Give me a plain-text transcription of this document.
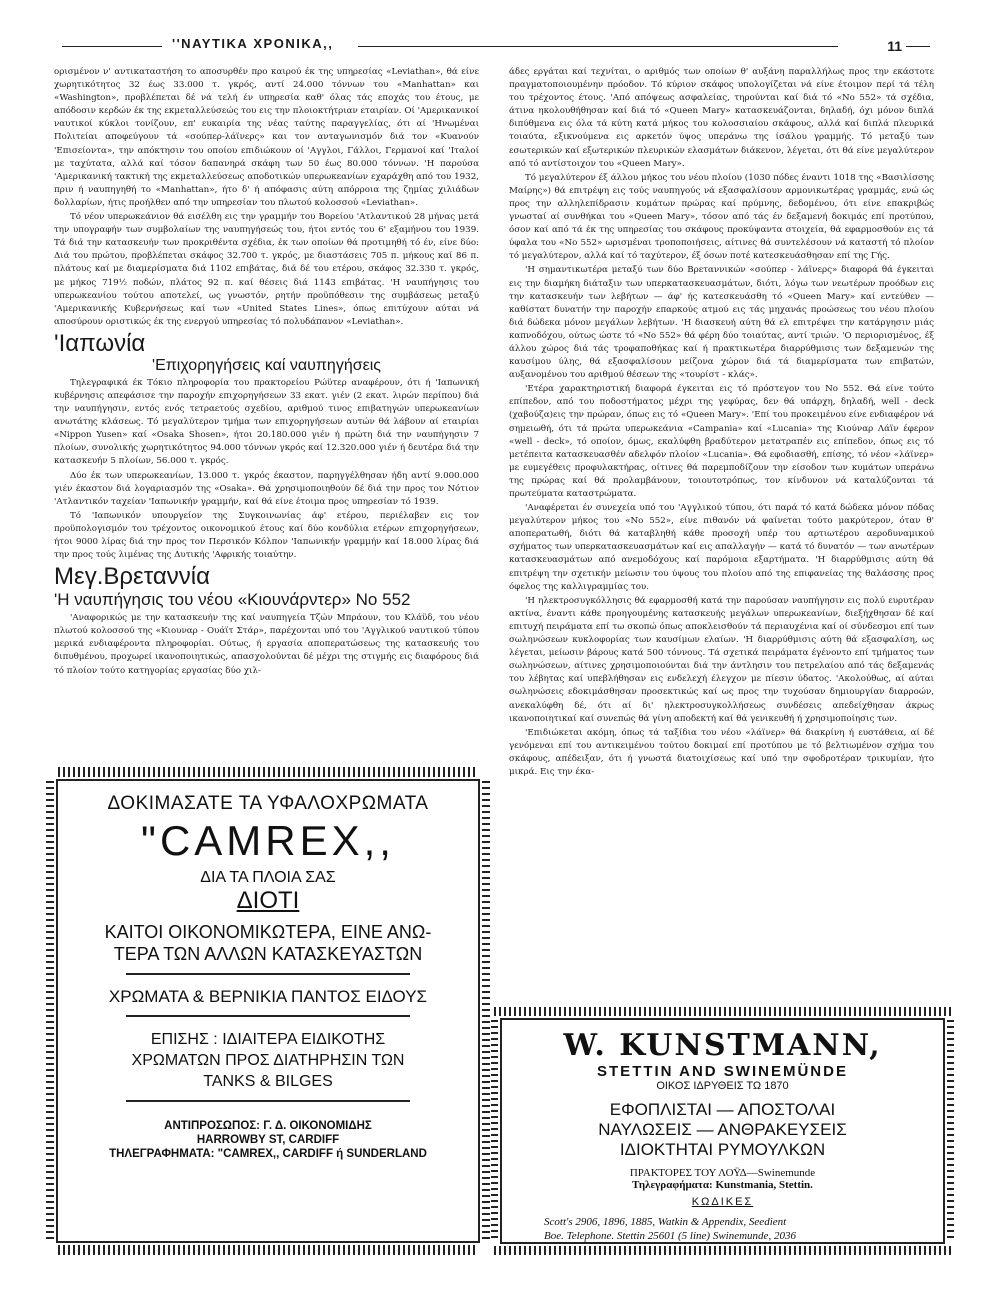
''ΝΑΥΤΙΚΑ ΧΡΟΝΙΚΑ,,	11

ορισμένον ν' αντικαταστήση το αποσυρθέν προ καιρού έκ της υπηρεσίας «Leviathan», θά είνε χωρητικότητος 32 έως 33.000 τ. γκρός, αντί 24.000 τόννων του «Manhattan» και «Washington», προβλέπεται δέ νά τελή έν υπηρεσία καθ' όλας τάς εποχάς του έτους, με απόδοσιν κερδών έκ της εκμεταλλεύσεώς του εις την πλοιοκτήτριαν εταιρίαν. Οί 'Αμερικανικοί ναυτικοί κύκλοι τονίζουν, επ' ευκαιρία της νέας ταύτης παραγγελίας, ότι αί 'Ηνωμέναι Πολιτείαι αποφεύγουν τά «σούπερ-λάϊνερς» και τον ανταγωνισμόν διά τον «Κυανούν 'Επισείοντα», την απόκτησιν του οποίου επιδιώκουν οί 'Αγγλοι, Γάλλοι, Γερμανοί καί 'Ιταλοί με ταχύτατα, αλλά καί τόσον δαπανηρά σκάφη των 50 έως 80.000 τόννων. 'Η παρούσα 'Αμερικανική τακτική της εκμεταλλεύσεως αποδοτικών υπερωκεανίων εχαράχθη από του 1932, πριν ή ναυπηγηθή το «Manhattan», ήτο δ' ή απόφασις αύτη απόρροια της ζημίας χιλιάδων δολλαρίων, ήτις προήλθεν από την υπηρεσίαν του πλωτού κολοσσού «Leviathan».

Τό νέον υπερωκεάνιον θά εισέλθη εις την γραμμήν του Βορείου 'Ατλαντικού 28 μήνας μετά την υπογραφήν των συμβολαίων της ναυπηγήσεώς του, ήτοι εντός του 6' εξαμήνου του 1939. Τά διά την κατασκευήν των προκριθέντα σχέδια, έκ των οποίων θά προτιμηθή τό έν, είνε δύο: Διά του πρώτου, προβλέπεται σκάφος 32.700 τ. γκρός, με διαστάσεις 705 π. μήκους καί 86 π. πλάτους καί με διαμερίσματα διά 1102 επιβάτας, διά δέ του ετέρου, σκάφος 32.330 τ. γκρός, με μήκος 719½ ποδών, πλάτος 92 π. καί θέσεις διά 1143 επιβάτας. 'Η ναυπήγησις του υπερωκεανίου τούτου αποτελεί, ως γνωστόν, ρητήν προϋπόθεσιν της συμβάσεως μεταξύ 'Αμερικανικής Κυβερνήσεως καί των «United States Lines», όπως επιτύχουν αύται νά αποσύρουν οριστικώς έκ της ενεργού υπηρεσίας τό πολυδάπανον «Leviathan».

'Ιαπωνία
'Επιχορηγήσεις καί ναυπηγήσεις

Τηλεγραφικά έκ Τόκιο πληροφορία του πρακτορείου Ρώϋτερ αναφέρουν, ότι ή 'Ιαπωνική κυβέρνησις απεφάσισε την παροχήν επιχορηγήσεων 33 εκατ. γιέν (2 εκατ. λιρών περίπου) διά την ναυπήγησιν, εντός ενός τετραετούς σχεδίου, αριθμού τινος επιβατηγών υπερωκεανίων ανωτάτης κλάσεως. Τό μεγαλύτερον τμήμα των επιχορηγήσεων αυτών θά λάβουν αί εταιρίαι «Nippon Yusen» καί «Osaka Shosen», ήτοι 20.180.000 γιέν ή πρώτη διά την ναυπήγησιν 7 πλοίων, συνολικής χωρητικότητος 94.000 τόννων γκρός καί 12.320.000 γιέν ή δευτέρα διά την κατασκευήν 5 πλοίων, 56.000 τ. γκρός.

Δύο έκ των υπερωκεανίων, 13.000 τ. γκρός έκαστον, παρηγγέλθησαν ήδη αντί 9.000.000 γιέν έκαστον διά λογαριασμόν της «Osaka». Θά χρησιμοποιηθούν δέ διά την προς τον Νότιον 'Ατλαντικόν ταχείαν 'Ιαπωνικήν γραμμήν, καί θά είνε έτοιμα προς υπηρεσίαν τό 1939.

Τό 'Ιαπωνικόν υπουργείον της Συγκοινωνίας άφ' ετέρου, περιέλαβεν εις τον προϋπολογισμόν του τρέχοντος οικονομικού έτους καί δύο κονδύλια ετέρων επιχορηγήσεων, ήτοι 9000 λίρας διά την προς τον Περσικόν Κόλπον 'Ιαπωνικήν γραμμήν καί 18.000 λίρας διά την προς τούς λιμένας της Δυτικής 'Αφρικής τοιαύτην.

Μεγ.Βρεταννία
'Η ναυπήγησις του νέου «Κιουνάρντερ» Νο 552

'Αναφορικώς με την κατασκευήν της καί ναυπηγεία Τζών Μπράουν, του Κλάϋδ, του νέου πλωτού κολοσσού της «Κιουναρ - Ουάϊτ Στάρ», παρέχονται υπό του 'Αγγλικού ναυτικού τύπου μερικά ενδιαφέροντα πληροφορίαι. Ούτως, ή εργασία αποπερατώσεως της κατασκευής του διπυθμένου, προχωρεί ικανοποιητικώς, απασχολούνται δέ μέχρι της στιγμής εις διαφόρους διά τό πλοίον τούτο κατηγορίας εργασίας δύο χιλ-

άδες εργάται καί τεχνίται, ο αριθμός των οποίων θ' αυξάνη παραλλήλως προς την εκάστοτε πραγματοποιουμένην πρόοδον. Τό κύριον σκάφος υπολογίζεται νά είνε έτοιμον περί τά τέλη του τρέχοντος έτους. 'Από απόψεως ασφαλείας, τηρούνται καί διά τό «Νο 552» τά σχέδια, άτινα ηκολουθήθησαν καί διά τό «Queen Mary» κατασκευάζονται, δηλαδή, όχι μόνον διπλά διπύθμενα εις όλα τά κύτη κατά μήκος του κολοσσιαίου σκάφους, αλλά καί διπλά πλευρικά τοιαύτα, εξικνούμενα εις αρκετόν ύψος υπεράνω της ίσάλου γραμμής. Τό μεταξύ των εσωτερικών καί εξωτερικών πλευρικών ελασμάτων διάκενον, λέγεται, ότι θά είνε μεγαλύτερον από τό αντίστοιχον του «Queen Mary».

Τό μεγαλύτερον έξ άλλου μήκος του νέου πλοίου (1030 πόδες έναντι 1018 της «Βασιλίσσης Μαίρης») θά επιτρέψη εις τούς ναυπηγούς νά εξασφαλίσουν αρμονικωτέρας γραμμάς, ενώ ώς προς την αλληλεπίδρασιν κυμάτων πρώρας καί πρύμνης, δεδομένου, ότι είνε επακριβώς γνωσταί αί συνθήκαι του «Queen Mary», τόσον από τάς έν δεξαμενή δοκιμάς επί προτύπου, όσον καί από τά έκ της υπηρεσίας του σκάφους προκύψαντα στοιχεία, θά εφαρμοσθούν εις τά ύφαλα του «Νο 552» ωρισμέναι τροποποιήσεις, αίτινες θά συντελέσουν νά καταστή τό πλοίον τό μεγαλύτερον, αλλά καί τό ταχύτερον, έξ όσων ποτέ κατεσκευάσθησαν επί της Γής.

'Η σημαντικωτέρα μεταξύ των δύο Βρεταννικών «σούπερ - λάϊνερς» διαφορά θά έγκειται εις την διαμήκη διάταξιν των υπερκατασκευασμάτων, διότι, λόγω των νεωτέρων προόδων εις την κατασκευήν των λεβήτων — άφ' ής κατεσκευάσθη τό «Queen Mary» καί εντεύθεν — καθίστατ δυνατήν την παροχήν επαρκούς ατμού εις τάς μηχανάς προώσεως του νέου πλοίου διά δώδεκα μόνον μεγάλων λεβήτων. 'Η διασκευή αύτη θά ελ επιτρέψει την κατάργησιν μιάς καπνοδόχου, ούτως ώστε τό «Νο 552» θά φέρη δύο τοιαύτας, αντί τριών. 'Ο περιορισμένος, έξ άλλου χώρος διά τάς τροφαποθήκας καί ή πρακτικωτέρα διαρρύθμισις των δεξαμενών της καυσίμου ύλης, θά εξασφαλίσουν μείζονα χώρον διά τά διαμερίσματα των επιβατών, αυξανομένου του αριθμού θέσεων της «τουρίστ - κλάς».

'Ετέρα χαρακτηριστική διαφορά έγκειται εις τό πρόστεγον του Νο 552. Θά είνε τούτο επίπεδον, από του ποδοστήματος μέχρι της γεφύρας, δεν θά υπάρχη, δηλαδή, well - deck (χαβούζα)εις την πρώραν, όπως εις τό «Queen Mary». 'Επί του προκειμένου είνε ενδιαφέρον νά σημειωθή, ότι τά πρώτα υπερωκεάνια «Campania» καί «Lucania» της Κιούναρ Λάϊν έφερον «well - deck», τό οποίον, όμως, εκαλύφθη βραδύτερον μετατραπέν εις επίπεδον, όπως εις τό μετέπειτα κατασκευασθέν αδελφόν πλοίον «Lucania». Θά εφοδιασθή, επίσης, τό νέον «λάϊνερ» με ευμεγέθεις προφυλακτήρας, οίτινες θά παρεμποδίζουν την είσοδον των κυμάτων υπεράνω της πρώρας καί θά προλαμβάνουν, τοιουτοτρόπως, τον κίνδυνον νά καταλύζονται τά πρωτεύματα καταστρώματα.

'Αναφέρεται έν συνεχεία υπό του 'Αγγλικού τύπου, ότι παρά τό κατά δώδεκα μόνον πόδας μεγαλύτερον μήκος του «Νο 552», είνε πιθανόν νά φαίνεται τούτο μακρύτερον, όταν θ' αποπερατωθή, διότι θά καταβληθή κάθε προσοχή υπέρ του αρτιωτέρου αεροδυναμικού σχήματος των υπερκατασκευασμάτων καί εις απαλλαγήν — κατά τό δυνατόν — των ανωτέρων κατασκευασμάτων από ανεμοδόχους καί παρόμοια εξαρτήματα. 'Η διαρρύθμισις αύτη θά επιτρέψη την σχετικήν μείωσιν του ύψους του πλοίου από της επιφανείας της θαλάσσης προς όφελος της καλλιγραμμίας του.

'Η ηλεκτροσυγκόλλησις θά εφαρμοσθή κατά την παρούσαν ναυπήγησιν εις πολύ ευρυτέραν ακτίνα, έναντι κάθε προηγουμένης κατασκευής μεγάλων υπερωκεανίων, διεξήχθησαν δέ καί επιτυχή πειράματα επί τω σκοπώ όπως αποκλεισθούν τά περιαυχένια καί οί σύνδεσμοι επί των σωληνώσεων κυκλοφορίας των καυσίμων ελαίων. 'Η διαρρύθμισις αύτη θά εξασφαλίση, ως λέγεται, μείωσιν βάρους κατά 500 τόννους. Τά σχετικά πειράματα έγένοντο επί τμήματος των σωληνώσεων, αίτινες χρησιμοποιούνται διά την άντλησιν του πετρελαίου από τάς δεξαμενάς του λέβητας καί υπεβλήθησαν εις ενδελεχή έλεγχον με πίεσιν ύδατος. 'Ακολούθως, αί αύται σωληνώσεις εδοκιμάσθησαν προσεκτικώς καί ως προς την τυχούσαν δημιουργίαν διαρροών, ανεκαλύφθη δέ, ότι αί δι' ηλεκτροσυγκολλήσεως συνδέσεις απεδείχθησαν άκρως ικανοποιητικαί καί συνεπώς θά γίνη αποδεκτή καί θά γενικευθή ή χρησιμοποίησις των.

'Επιδιώκεται ακόμη, όπως τά ταξίδια του νέου «λάϊνερ» θά διακρίνη ή ευστάθεια, αί δέ γενόμεναι επί του αντικειμένου τούτου δοκιμαί επί προτύπου με τό βελτιωμένον σχήμα του σκάφους, απέδειξαν, ότι ή γνωστά διατοιχίσεως καί υπό την σφοδροτέραν τρικυμίαν, ήτο μικρά. Εις την έκα-

ΔΟΚΙΜΑΣΑΤΕ ΤΑ ΥΦΑΛΟΧΡΩΜΑΤΑ
"CAMREX,,
ΔΙΑ ΤΑ ΠΛΟΙΑ ΣΑΣ
ΔΙΟΤΙ
ΚΑΙΤΟΙ ΟΙΚΟΝΟΜΙΚΩΤΕΡΑ, ΕΙΝΕ ΑΝΩ-
ΤΕΡΑ ΤΩΝ ΑΛΛΩΝ ΚΑΤΑΣΚΕΥΑΣΤΩΝ
ΧΡΩΜΑΤΑ & ΒΕΡΝΙΚΙΑ ΠΑΝΤΟΣ ΕΙΔΟΥΣ
ΕΠΙΣΗΣ : ΙΔΙΑΙΤΕΡΑ ΕΙΔΙΚΟΤΗΣ
ΧΡΩΜΑΤΩΝ ΠΡΟΣ ΔΙΑΤΗΡΗΣΙΝ ΤΩΝ
TANKS & BILGES
ΑΝΤΙΠΡΟΣΩΠΟΣ: Γ. Δ. ΟΙΚΟΝΟΜΙΔΗΣ
HARROWBY ST, CARDIFF
ΤΗΛΕΓΡΑΦΗΜΑΤΑ: "CAMREX,, CARDIFF ή SUNDERLAND
W. KUNSTMANN,
STETTIN AND SWINEMÜNDE
ΟΙΚΟΣ ΙΔΡΥΘΕΙΣ ΤΩ 1870
ΕΦΟΠΛΙΣΤΑΙ — ΑΠΟΣΤΟΛΑΙ
ΝΑΥΛΩΣΕΙΣ — ΑΝΘΡΑΚΕΥΣΕΙΣ
ΙΔΙΟΚΤΗΤΑΙ ΡΥΜΟΥΛΚΩΝ
ΠΡΑΚΤΟΡΕΣ ΤΟΥ ΛΟΫΔ—Swinemunde
Τηλεγραφήματα: Kunstmania, Stettin.
ΚΩΔΙΚΕΣ
Scott's 2906, 1896, 1885, Watkin & Appendix, Seedient
Boe. Telephone. Stettin 25601 (5 line) Swinemunde, 2036
